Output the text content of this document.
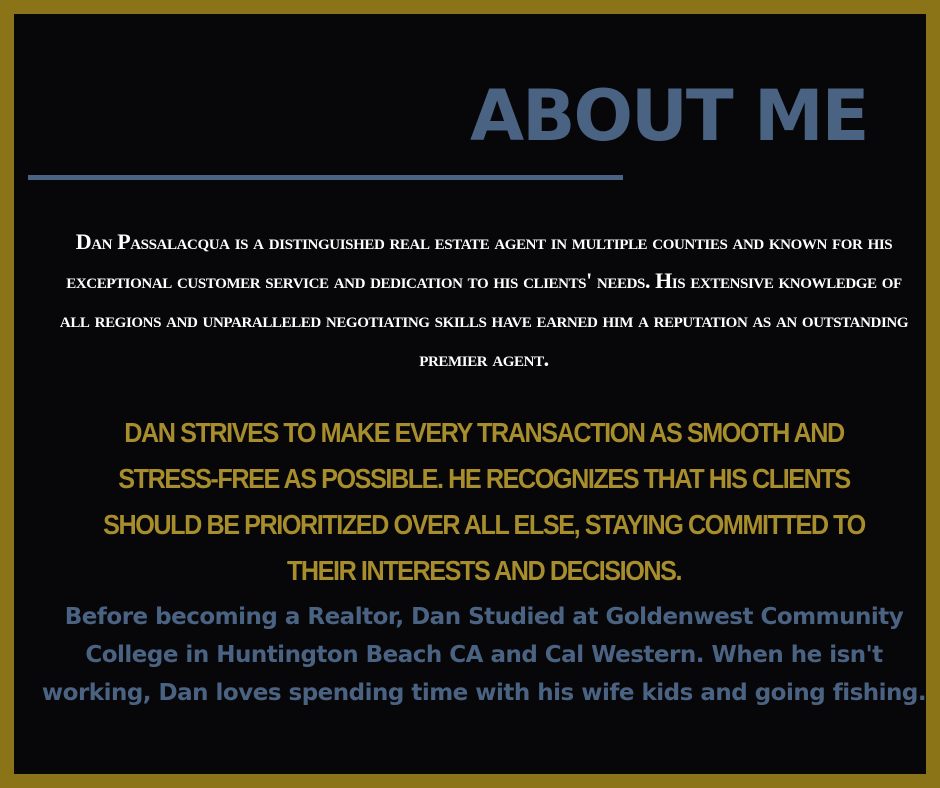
ABOUT ME

Dan Passalacqua is a distinguished real estate agent in multiple counties and known for his exceptional customer service and dedication to his clients' needs. His extensive knowledge of all regions and unparalleled negotiating skills have earned him a reputation as an outstanding premier agent.

DAN STRIVES TO MAKE EVERY TRANSACTION AS SMOOTH AND STRESS-FREE AS POSSIBLE. HE RECOGNIZES THAT HIS CLIENTS SHOULD BE PRIORITIZED OVER ALL ELSE, STAYING COMMITTED TO THEIR INTERESTS AND DECISIONS.

Before becoming a Realtor, Dan Studied at Goldenwest Community College in Huntington Beach CA and Cal Western. When he isn't working, Dan loves spending time with his wife kids and going fishing.
